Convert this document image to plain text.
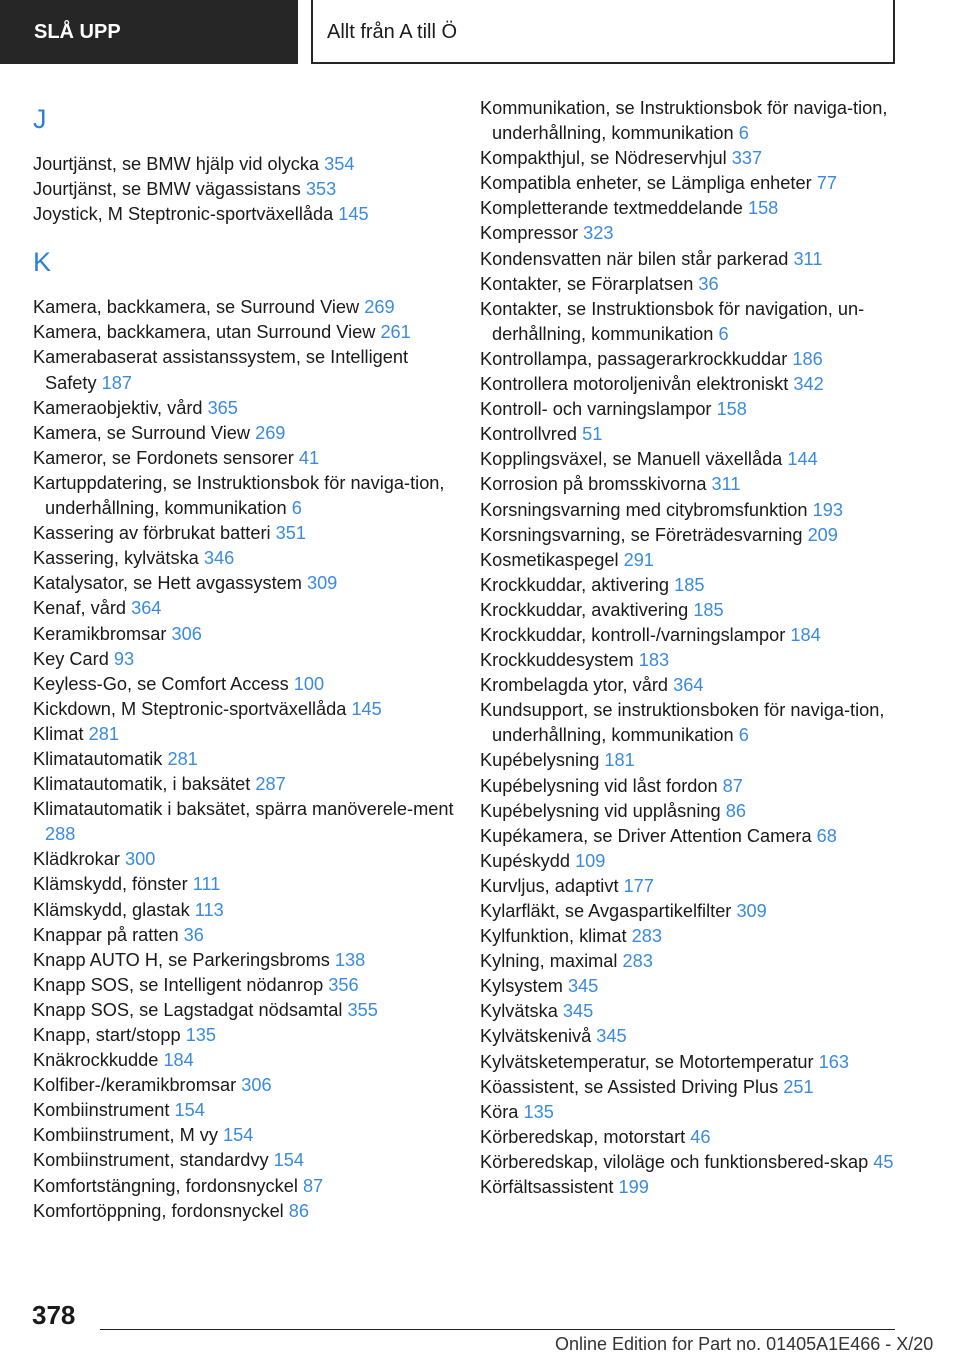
SLÅ UPP	Allt från A till Ö
J
Jourtjänst, se BMW hjälp vid olycka 354
Jourtjänst, se BMW vägassistans 353
Joystick, M Steptronic-sportväxellåda 145
K
Kamera, backkamera, se Surround View 269
Kamera, backkamera, utan Surround View 261
Kamerabaserat assistanssystem, se Intelligent Safety 187
Kameraobjektiv, vård 365
Kamera, se Surround View 269
Kameror, se Fordonets sensorer 41
Kartuppdatering, se Instruktionsbok för naviga-tion, underhållning, kommunikation 6
Kassering av förbrukat batteri 351
Kassering, kylvätska 346
Katalysator, se Hett avgassystem 309
Kenaf, vård 364
Keramikbromsar 306
Key Card 93
Keyless-Go, se Comfort Access 100
Kickdown, M Steptronic-sportväxellåda 145
Klimat 281
Klimatautomatik 281
Klimatautomatik, i baksätet 287
Klimatautomatik i baksätet, spärra manöverele-ment 288
Klädkrokar 300
Klämskydd, fönster 111
Klämskydd, glastak 113
Knappar på ratten 36
Knapp AUTO H, se Parkeringsbroms 138
Knapp SOS, se Intelligent nödanrop 356
Knapp SOS, se Lagstadgat nödsamtal 355
Knapp, start/stopp 135
Knäkrockkudde 184
Kolfiber-/keramikbromsar 306
Kombiinstrument 154
Kombiinstrument, M vy 154
Kombiinstrument, standardvy 154
Komfortstängning, fordonsnyckel 87
Komfortöppning, fordonsnyckel 86
Kommunikation, se Instruktionsbok för naviga-tion, underhållning, kommunikation 6
Kompakthjul, se Nödreservhjul 337
Kompatibla enheter, se Lämpliga enheter 77
Kompletterande textmeddelande 158
Kompressor 323
Kondensvatten när bilen står parkerad 311
Kontakter, se Förarplatsen 36
Kontakter, se Instruktionsbok för navigation, un-derhållning, kommunikation 6
Kontrollampa, passagerarkrockkuddar 186
Kontrollera motoroljenivån elektroniskt 342
Kontroll- och varningslampor 158
Kontrollvred 51
Kopplingsväxel, se Manuell växellåda 144
Korrosion på bromsskivorna 311
Korsningsvarning med citybromsfunktion 193
Korsningsvarning, se Företrädesvarning 209
Kosmetikaspegel 291
Krockkuddar, aktivering 185
Krockkuddar, avaktivering 185
Krockkuddar, kontroll-/varningslampor 184
Krockkuddesystem 183
Krombelagda ytor, vård 364
Kundsupport, se instruktionsboken för naviga-tion, underhållning, kommunikation 6
Kupébelysning 181
Kupébelysning vid låst fordon 87
Kupébelysning vid upplåsning 86
Kupékamera, se Driver Attention Camera 68
Kupéskydd 109
Kurvljus, adaptivt 177
Kylarfläkt, se Avgaspartikelfilter 309
Kylfunktion, klimat 283
Kylning, maximal 283
Kylsystem 345
Kylvätska 345
Kylvätskenivå 345
Kylvätsketemperatur, se Motortemperatur 163
Köassistent, se Assisted Driving Plus 251
Köra 135
Körberedskap, motorstart 46
Körberedskap, viloläge och funktionsbered-skap 45
Körfältsassistent 199
378
Online Edition for Part no. 01405A1E466 - X/20
